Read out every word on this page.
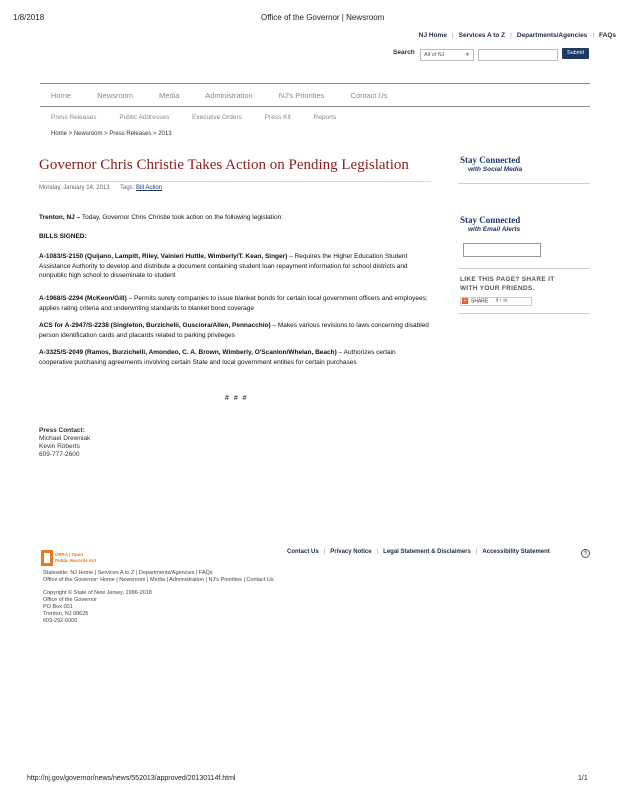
1/8/2018	Office of the Governor | Newsroom
NJ Home | Services A to Z | Departments/Agencies | FAQs
Search	All of NJ	▼	Submit
Home	Newsroom	Media	Administration	NJ's Priorities	Contact Us
Press Releases	Public Addresses	Executive Orders	Press Kit	Reports
Home > Newsroom > Press Releases > 2013
Governor Chris Christie Takes Action on Pending Legislation
Monday, January 14, 2013 Tags: Bill Action
Trenton, NJ – Today, Governor Chris Christie took action on the following legislation:
BILLS SIGNED:
A-1083/S-2150 (Quijano, Lampitt, Riley, Vainieri Huttle, Wimberly/T. Kean, Singer) – Requires the Higher Education Student Assistance Authority to develop and distribute a document containing student loan repayment information for school districts and nonpublic high school to disseminate to student
A-1968/S-2294 (McKeon/Gill) – Permits surety companies to issue blanket bonds for certain local government officers and employees; applies rating criteria and underwriting standards to blanket bond coverage
ACS for A-2947/S-2238 (Singleton, Burzichelli, Gusciora/Allen, Pennacchio) – Makes various revisions to laws concerning disabled person identification cards and placards related to parking privileges
A-3325/S-2049 (Ramos, Burzichelli, Amondeo, C. A. Brown, Wimberly, O'Scanlon/Whelan, Beach) – Authorizes certain cooperative purchasing agreements involving certain State and local government entities for certain purchases
# # #
Press Contact:
Michael Drewniak
Kevin Roberts
609-777-2600
Stay Connected
with Social Media
Stay Connected
with Email Alerts
LIKE THIS PAGE? SHARE IT
WITH YOUR FRIENDS.
+ SHARE f t ✉
OPRA | Open
Public Records Act
Contact Us | Privacy Notice | Legal Statement & Disclaimers | Accessibility Statement	§
Statewide: NJ Home | Services A to Z | Departments/Agencies | FAQs
Office of the Governor: Home | Newsroom | Media | Administration | NJ's Priorities | Contact Us
Copyright © State of New Jersey, 1996-2018
Office of the Governor
PO Box 001
Trenton, NJ 08625
609-292-6000
http://nj.gov/governor/news/news/552013/approved/20130114f.html	1/1
